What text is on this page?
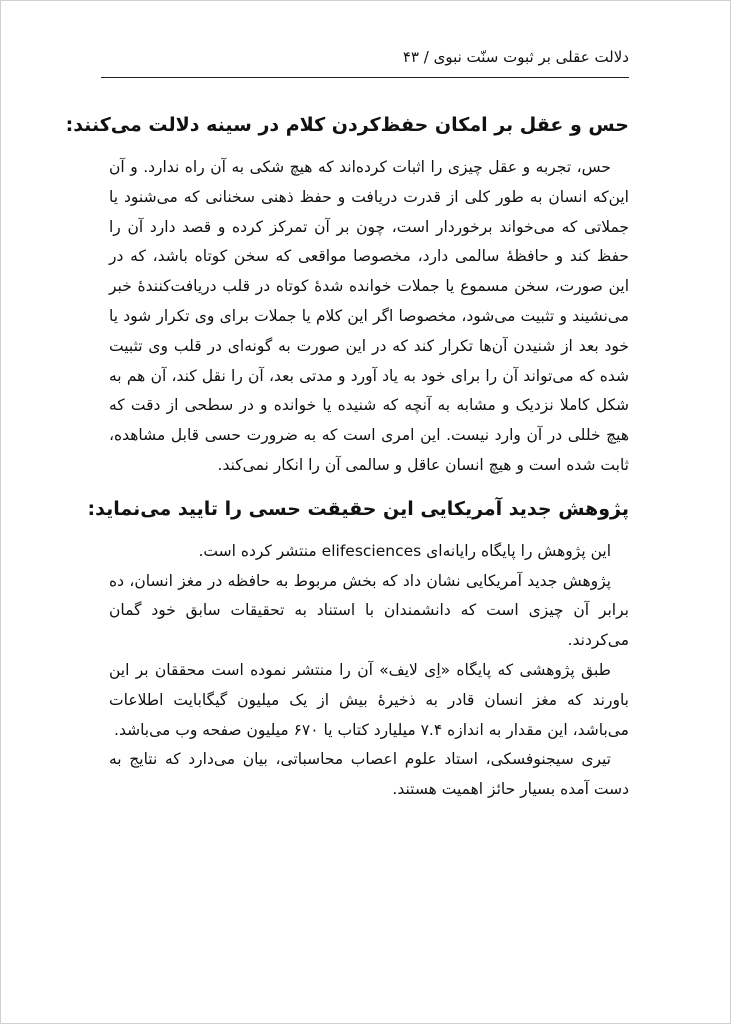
دلالت عقلی بر ثبوت سنّت نبوی / ۴۳
حس و عقل بر امکان حفظ‌کردن کلام در سینه دلالت می‌کنند:

حس، تجربه و عقل چیزی را اثبات کرده‌اند که هیچ شکی به آن راه ندارد. و آن این‌که انسان به طور کلی از قدرت دریافت و حفظ ذهنی سخنانی که می‌شنود یا جملاتی که می‌خواند برخوردار است، چون بر آن تمرکز کرده و قصد دارد آن را حفظ کند و حافظهٔ سالمی دارد، مخصوصا مواقعی که سخن کوتاه باشد، که در این صورت، سخن مسموع یا جملات خوانده شدهٔ کوتاه در قلب دریافت‌کنندهٔ خبر می‌نشیند و تثبیت می‌شود، مخصوصا اگر این کلام یا جملات برای وی تکرار شود یا خود بعد از شنیدن آن‌ها تکرار کند که در این صورت به گونه‌ای در قلب وی تثبیت شده که می‌تواند آن را برای خود به یاد آورد و مدتی بعد، آن را نقل کند، آن هم به شکل کاملا نزدیک و مشابه به آنچه که شنیده یا خوانده و در سطحی از دقت که هیچ خللی در آن وارد نیست. این امری است که به ضرورت حسی قابل مشاهده، ثابت شده است و هیچ انسان عاقل و سالمی آن را انکار نمی‌کند.

پژوهش جدید آمریکایی این حقیقت حسی را تایید می‌نماید:

این پژوهش را پایگاه رایانه‌ای elifesciences منتشر کرده است.

پژوهش جدید آمریکایی نشان داد که بخش مربوط به حافظه در مغز انسان، ده برابر آن چیزی است که دانشمندان با استناد به تحقیقات سابق خود گمان می‌کردند.

طبق پژوهشی که پایگاه «اِی لایف» آن را منتشر نموده است محققان بر این باورند که مغز انسان قادر به ذخیرهٔ بیش از یک میلیون گیگابایت اطلاعات می‌باشد، این مقدار به اندازه ۷.۴ میلیارد کتاب یا ۶۷۰ میلیون صفحه وب می‌باشد.

تیری سیجنوفسکی، استاد علوم اعصاب محاسباتی، بیان می‌دارد که نتایج به دست آمده بسیار حائز اهمیت هستند.
